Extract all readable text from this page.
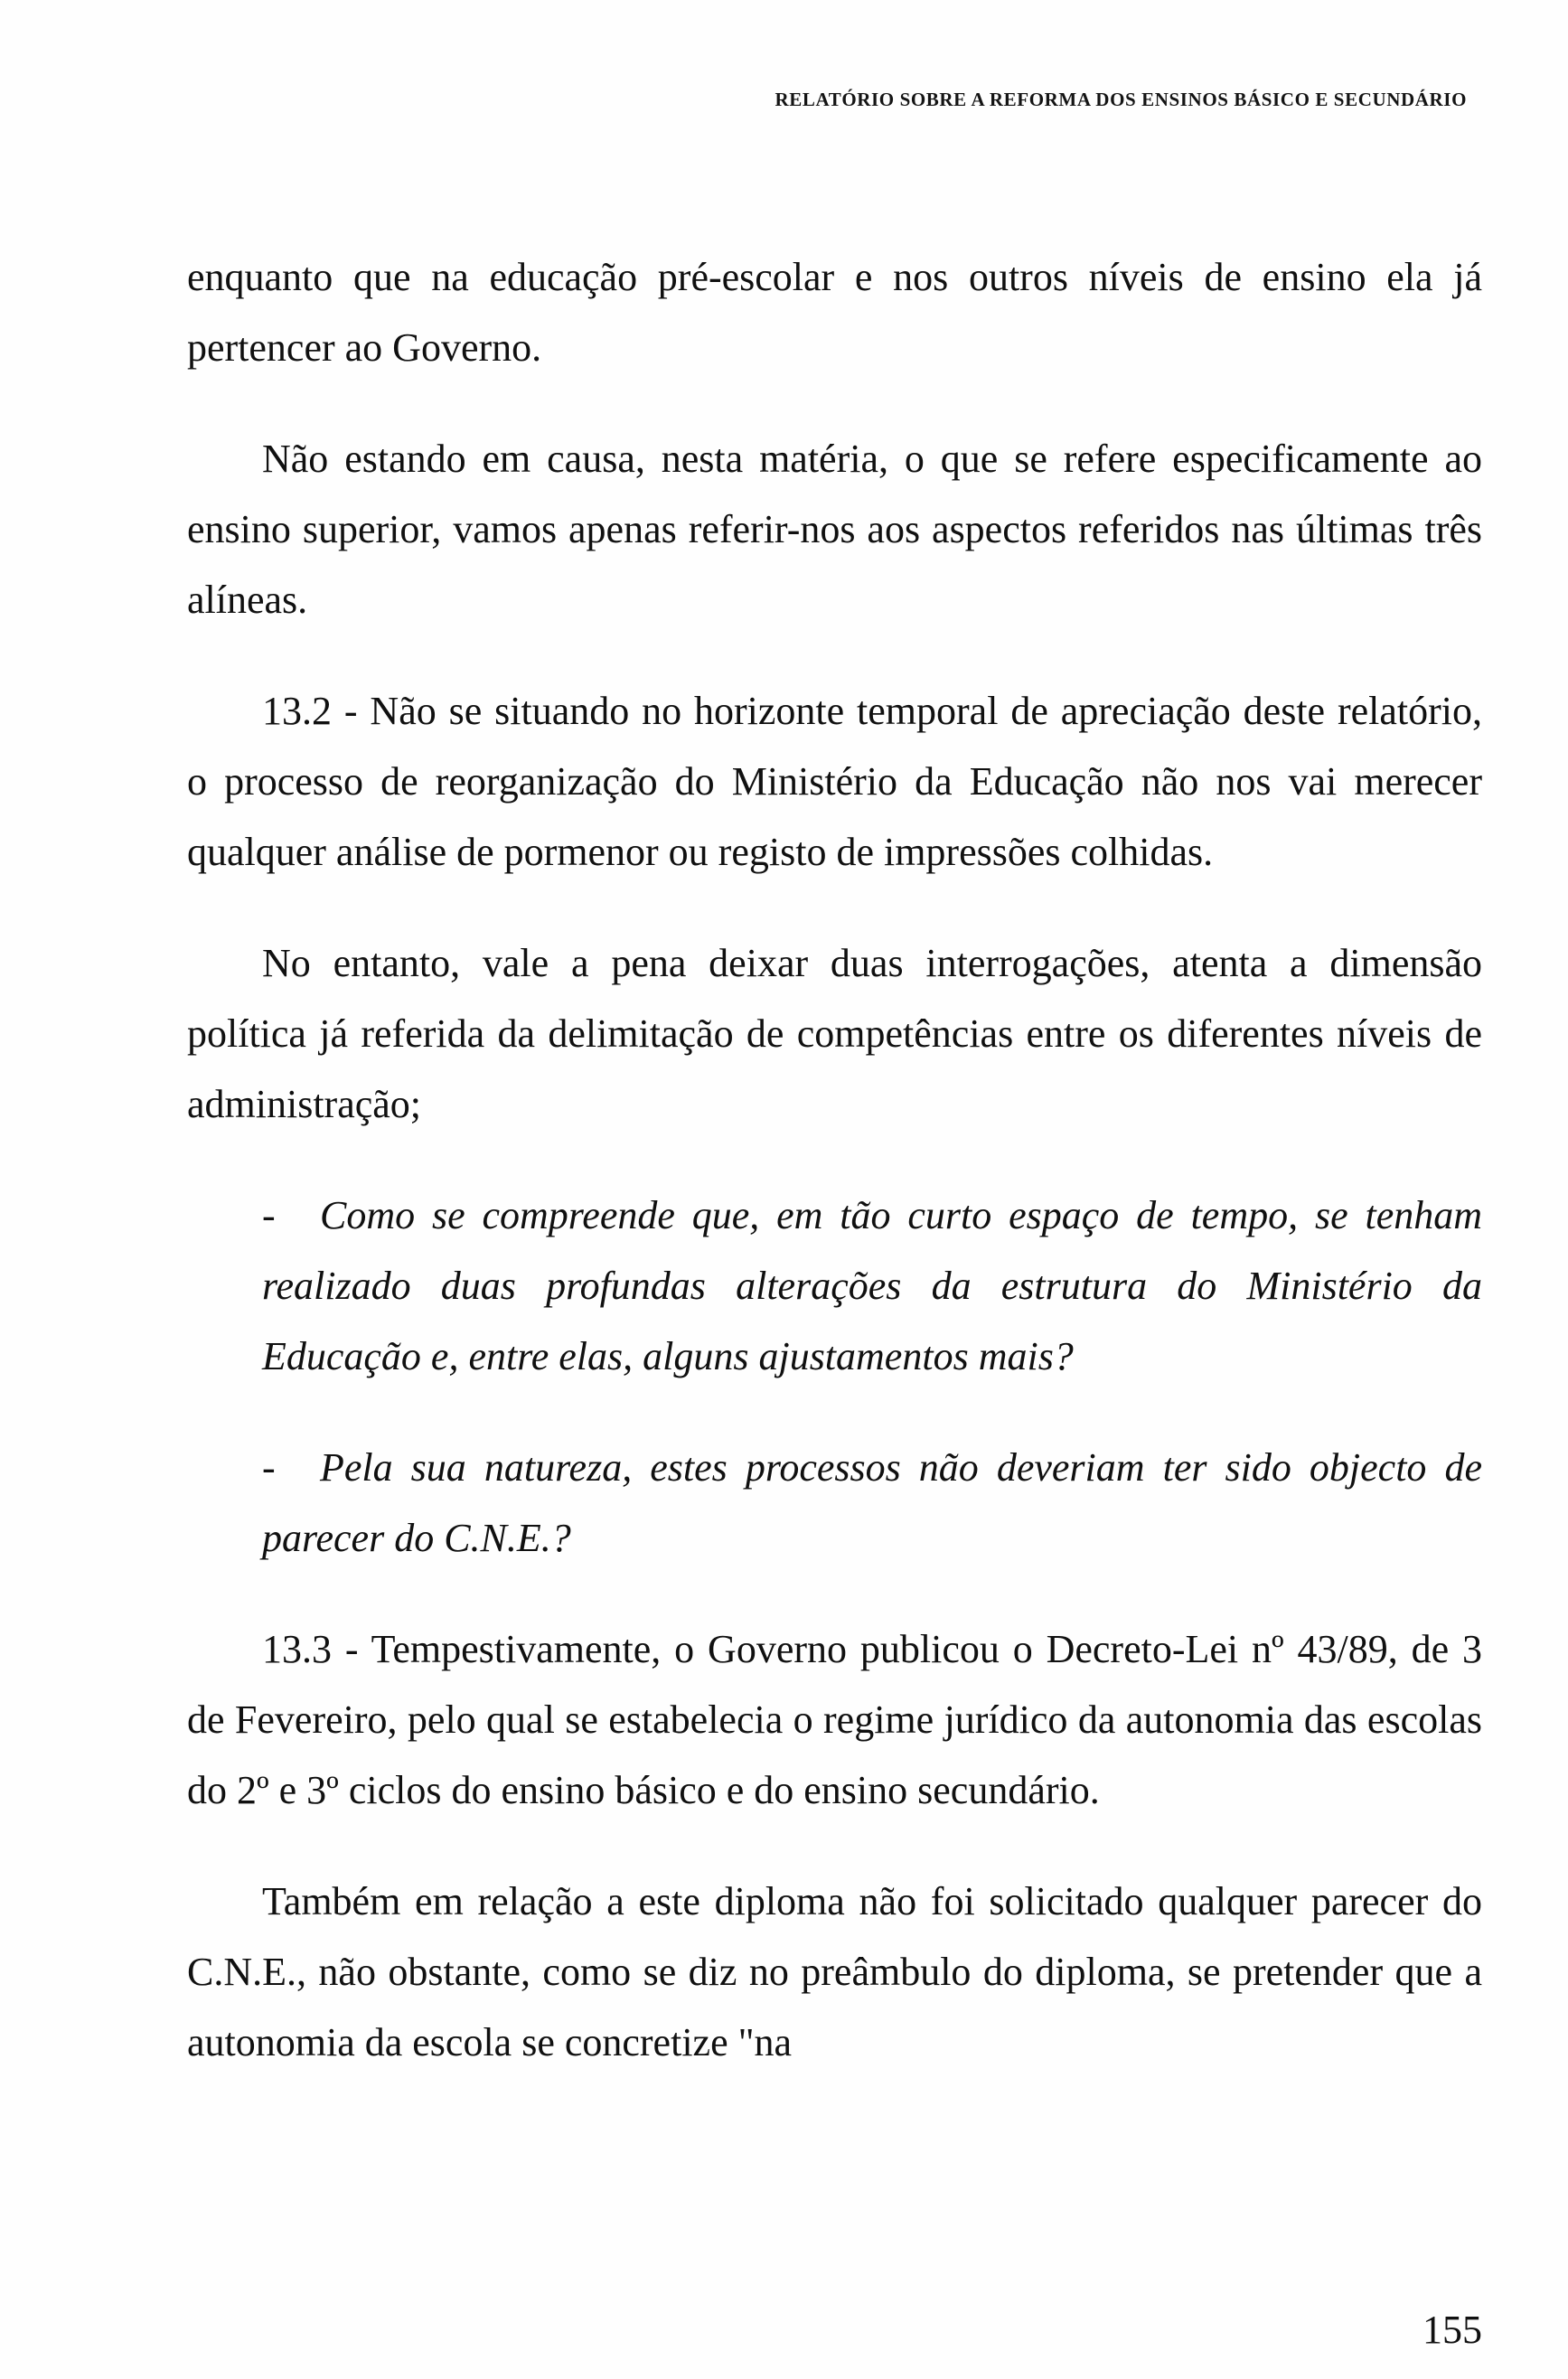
RELATÓRIO SOBRE A REFORMA DOS ENSINOS BÁSICO E SECUNDÁRIO

enquanto que na educação pré-escolar e nos outros níveis de ensino ela já pertencer ao Governo.

Não estando em causa, nesta matéria, o que se refere especificamente ao ensino superior, vamos apenas referir-nos aos aspectos referidos nas últimas três alíneas.

13.2 - Não se situando no horizonte temporal de apreciação deste relatório, o processo de reorganização do Ministério da Educação não nos vai merecer qualquer análise de pormenor ou registo de impressões colhidas.

No entanto, vale a pena deixar duas interrogações, atenta a dimensão política já referida da delimitação de competências entre os diferentes níveis de administração;

- Como se compreende que, em tão curto espaço de tempo, se tenham realizado duas profundas alterações da estrutura do Ministério da Educação e, entre elas, alguns ajustamentos mais?

- Pela sua natureza, estes processos não deveriam ter sido objecto de parecer do C.N.E.?

13.3 - Tempestivamente, o Governo publicou o Decreto-Lei nº 43/89, de 3 de Fevereiro, pelo qual se estabelecia o regime jurídico da autonomia das escolas do 2º e 3º ciclos do ensino básico e do ensino secundário.

Também em relação a este diploma não foi solicitado qualquer parecer do C.N.E., não obstante, como se diz no preâmbulo do diploma, se pretender que a autonomia da escola se concretize "na

155
